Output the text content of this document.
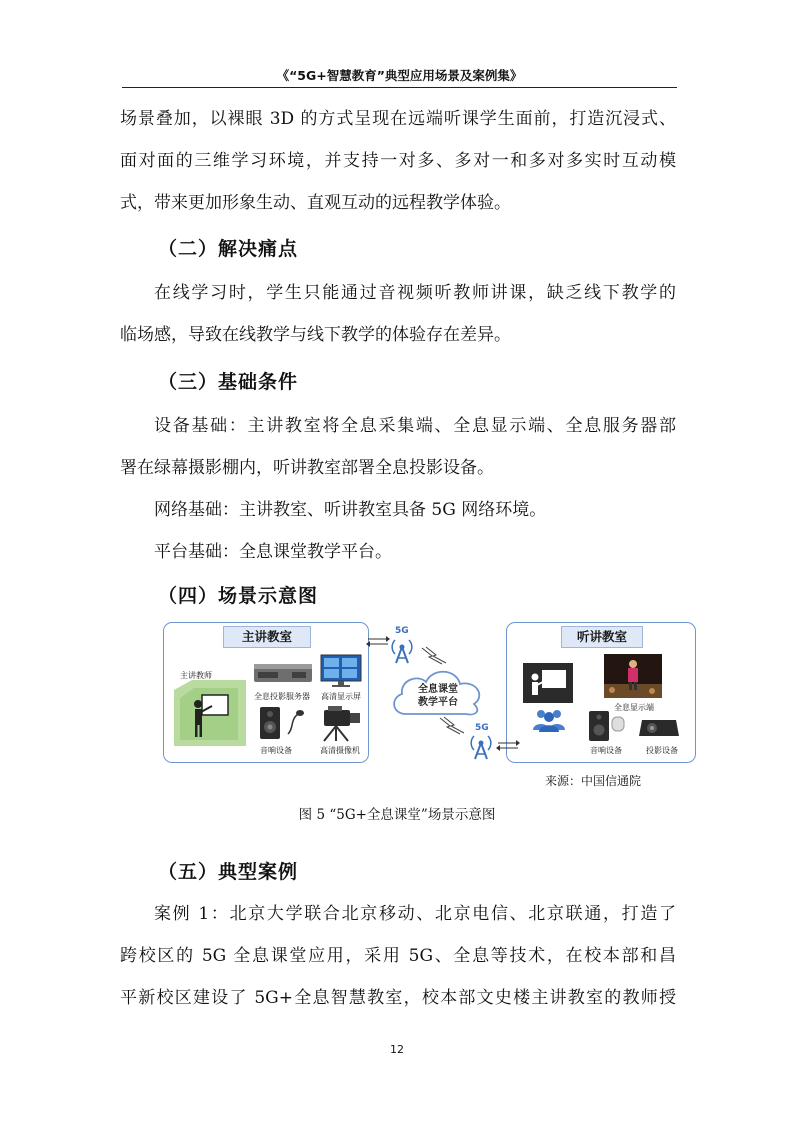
《“5G+智慧教育”典型应用场景及案例集》

场景叠加，以裸眼 3D 的方式呈现在远端听课学生面前，打造沉浸式、

面对面的三维学习环境，并支持一对多、多对一和多对多实时互动模

式，带来更加形象生动、直观互动的远程教学体验。

（二）解决痛点

在线学习时，学生只能通过音视频听教师讲课，缺乏线下教学的

临场感，导致在线教学与线下教学的体验存在差异。

（三）基础条件

设备基础：主讲教室将全息采集端、全息显示端、全息服务器部

署在绿幕摄影棚内，听讲教室部署全息投影设备。

网络基础：主讲教室、听讲教室具备 5G 网络环境。

平台基础：全息课堂教学平台。

（四）场景示意图
主讲教室
主讲教师
全息投影服务器 高清显示屏
音响设备	高清摄像机
听讲教室
全息显示端
音响设备	投影设备
全息课堂
教学平台
5G
5G
来源：中国信通院
图 5 “5G+全息课堂”场景示意图
（五）典型案例

案例 1：北京大学联合北京移动、北京电信、北京联通，打造了

跨校区的 5G 全息课堂应用，采用 5G、全息等技术，在校本部和昌

平新校区建设了 5G+全息智慧教室，校本部文史楼主讲教室的教师授

12
